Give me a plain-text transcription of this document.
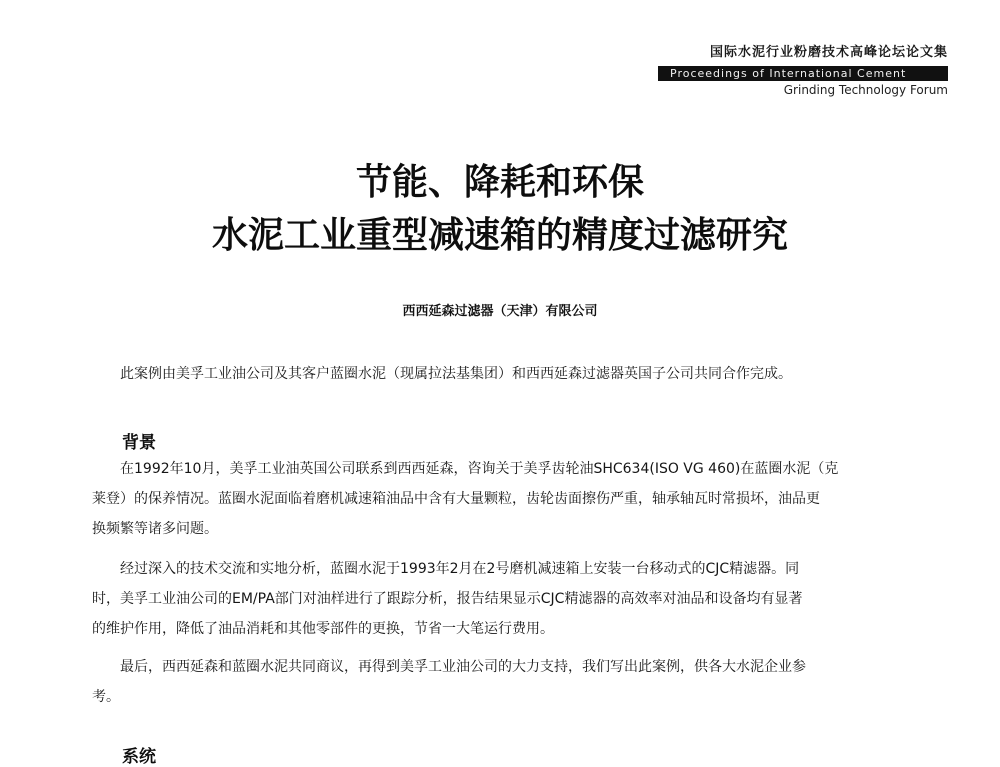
国际水泥行业粉磨技术高峰论坛论文集
Proceedings of International Cement
Grinding Technology Forum
节能、降耗和环保
水泥工业重型减速箱的精度过滤研究
西西延森过滤器（天津）有限公司
此案例由美孚工业油公司及其客户蓝圈水泥（现属拉法基集团）和西西延森过滤器英国子公司共同合作完成。
背景
在1992年10月，美孚工业油英国公司联系到西西延森，咨询关于美孚齿轮油SHC634(ISO VG 460)在蓝圈水泥（克
莱登）的保养情况。蓝圈水泥面临着磨机减速箱油品中含有大量颗粒，齿轮齿面擦伤严重，轴承轴瓦时常损坏，油品更
换频繁等诸多问题。
经过深入的技术交流和实地分析，蓝圈水泥于1993年2月在2号磨机减速箱上安装一台移动式的CJC精滤器。同
时，美孚工业油公司的EM/PA部门对油样进行了跟踪分析，报告结果显示CJC精滤器的高效率对油品和设备均有显著
的维护作用，降低了油品消耗和其他零部件的更换，节省一大笔运行费用。
最后，西西延森和蓝圈水泥共同商议，再得到美孚工业油公司的大力支持，我们写出此案例，供各大水泥企业参
考。
系统
